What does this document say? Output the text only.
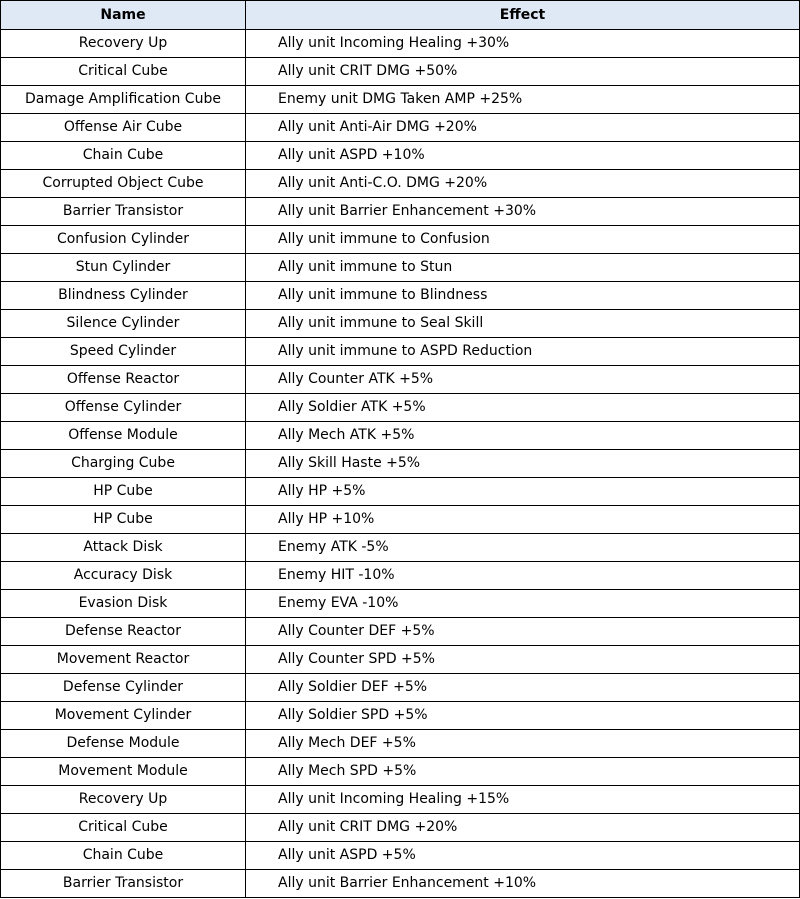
Name	Effect
Recovery Up	Ally unit Incoming Healing +30%
Critical Cube	Ally unit CRIT DMG +50%
Damage Amplification Cube	Enemy unit DMG Taken AMP +25%
Offense Air Cube	Ally unit Anti-Air DMG +20%
Chain Cube	Ally unit ASPD +10%
Corrupted Object Cube	Ally unit Anti-C.O. DMG +20%
Barrier Transistor	Ally unit Barrier Enhancement +30%
Confusion Cylinder	Ally unit immune to Confusion
Stun Cylinder	Ally unit immune to Stun
Blindness Cylinder	Ally unit immune to Blindness
Silence Cylinder	Ally unit immune to Seal Skill
Speed Cylinder	Ally unit immune to ASPD Reduction
Offense Reactor	Ally Counter ATK +5%
Offense Cylinder	Ally Soldier ATK +5%
Offense Module	Ally Mech ATK +5%
Charging Cube	Ally Skill Haste +5%
HP Cube	Ally HP +5%
HP Cube	Ally HP +10%
Attack Disk	Enemy ATK -5%
Accuracy Disk	Enemy HIT -10%
Evasion Disk	Enemy EVA -10%
Defense Reactor	Ally Counter DEF +5%
Movement Reactor	Ally Counter SPD +5%
Defense Cylinder	Ally Soldier DEF +5%
Movement Cylinder	Ally Soldier SPD +5%
Defense Module	Ally Mech DEF +5%
Movement Module	Ally Mech SPD +5%
Recovery Up	Ally unit Incoming Healing +15%
Critical Cube	Ally unit CRIT DMG +20%
Chain Cube	Ally unit ASPD +5%
Barrier Transistor	Ally unit Barrier Enhancement +10%
